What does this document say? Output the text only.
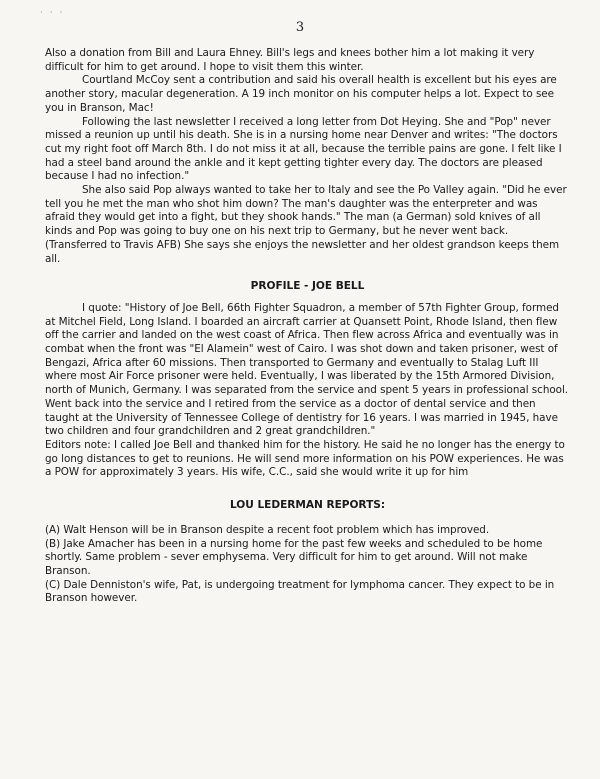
· · ·
3

Also a donation from Bill and Laura Ehney. Bill's legs and knees bother him a lot making it very difficult for him to get around. I hope to visit them this winter.

Courtland McCoy sent a contribution and said his overall health is excellent but his eyes are another story, macular degeneration. A 19 inch monitor on his computer helps a lot. Expect to see you in Branson, Mac!

Following the last newsletter I received a long letter from Dot Heying. She and "Pop" never missed a reunion up until his death. She is in a nursing home near Denver and writes: "The doctors cut my right foot off March 8th. I do not miss it at all, because the terrible pains are gone. I felt like I had a steel band around the ankle and it kept getting tighter every day. The doctors are pleased because I had no infection."

She also said Pop always wanted to take her to Italy and see the Po Valley again. "Did he ever tell you he met the man who shot him down? The man's daughter was the enterpreter and was afraid they would get into a fight, but they shook hands." The man (a German) sold knives of all kinds and Pop was going to buy one on his next trip to Germany, but he never went back. (Transferred to Travis AFB) She says she enjoys the newsletter and her oldest grandson keeps them all.

PROFILE - JOE BELL

I quote: "History of Joe Bell, 66th Fighter Squadron, a member of 57th Fighter Group, formed at Mitchel Field, Long Island. I boarded an aircraft carrier at Quansett Point, Rhode Island, then flew off the carrier and landed on the west coast of Africa. Then flew across Africa and eventually was in combat when the front was "El Alamein" west of Cairo. I was shot down and taken prisoner, west of Bengazi, Africa after 60 missions. Then transported to Germany and eventually to Stalag Luft III where most Air Force prisoner were held. Eventually, I was liberated by the 15th Armored Division, north of Munich, Germany. I was separated from the service and spent 5 years in professional school. Went back into the service and I retired from the service as a doctor of dental service and then taught at the University of Tennessee College of dentistry for 16 years. I was married in 1945, have two children and four grandchildren and 2 great grandchildren."

Editors note: I called Joe Bell and thanked him for the history. He said he no longer has the energy to go long distances to get to reunions. He will send more information on his POW experiences. He was a POW for approximately 3 years. His wife, C.C., said she would write it up for him

LOU LEDERMAN REPORTS:

(A) Walt Henson will be in Branson despite a recent foot problem which has improved.

(B) Jake Amacher has been in a nursing home for the past few weeks and scheduled to be home shortly. Same problem - sever emphysema. Very difficult for him to get around. Will not make Branson.

(C) Dale Denniston's wife, Pat, is undergoing treatment for lymphoma cancer. They expect to be in Branson however.
